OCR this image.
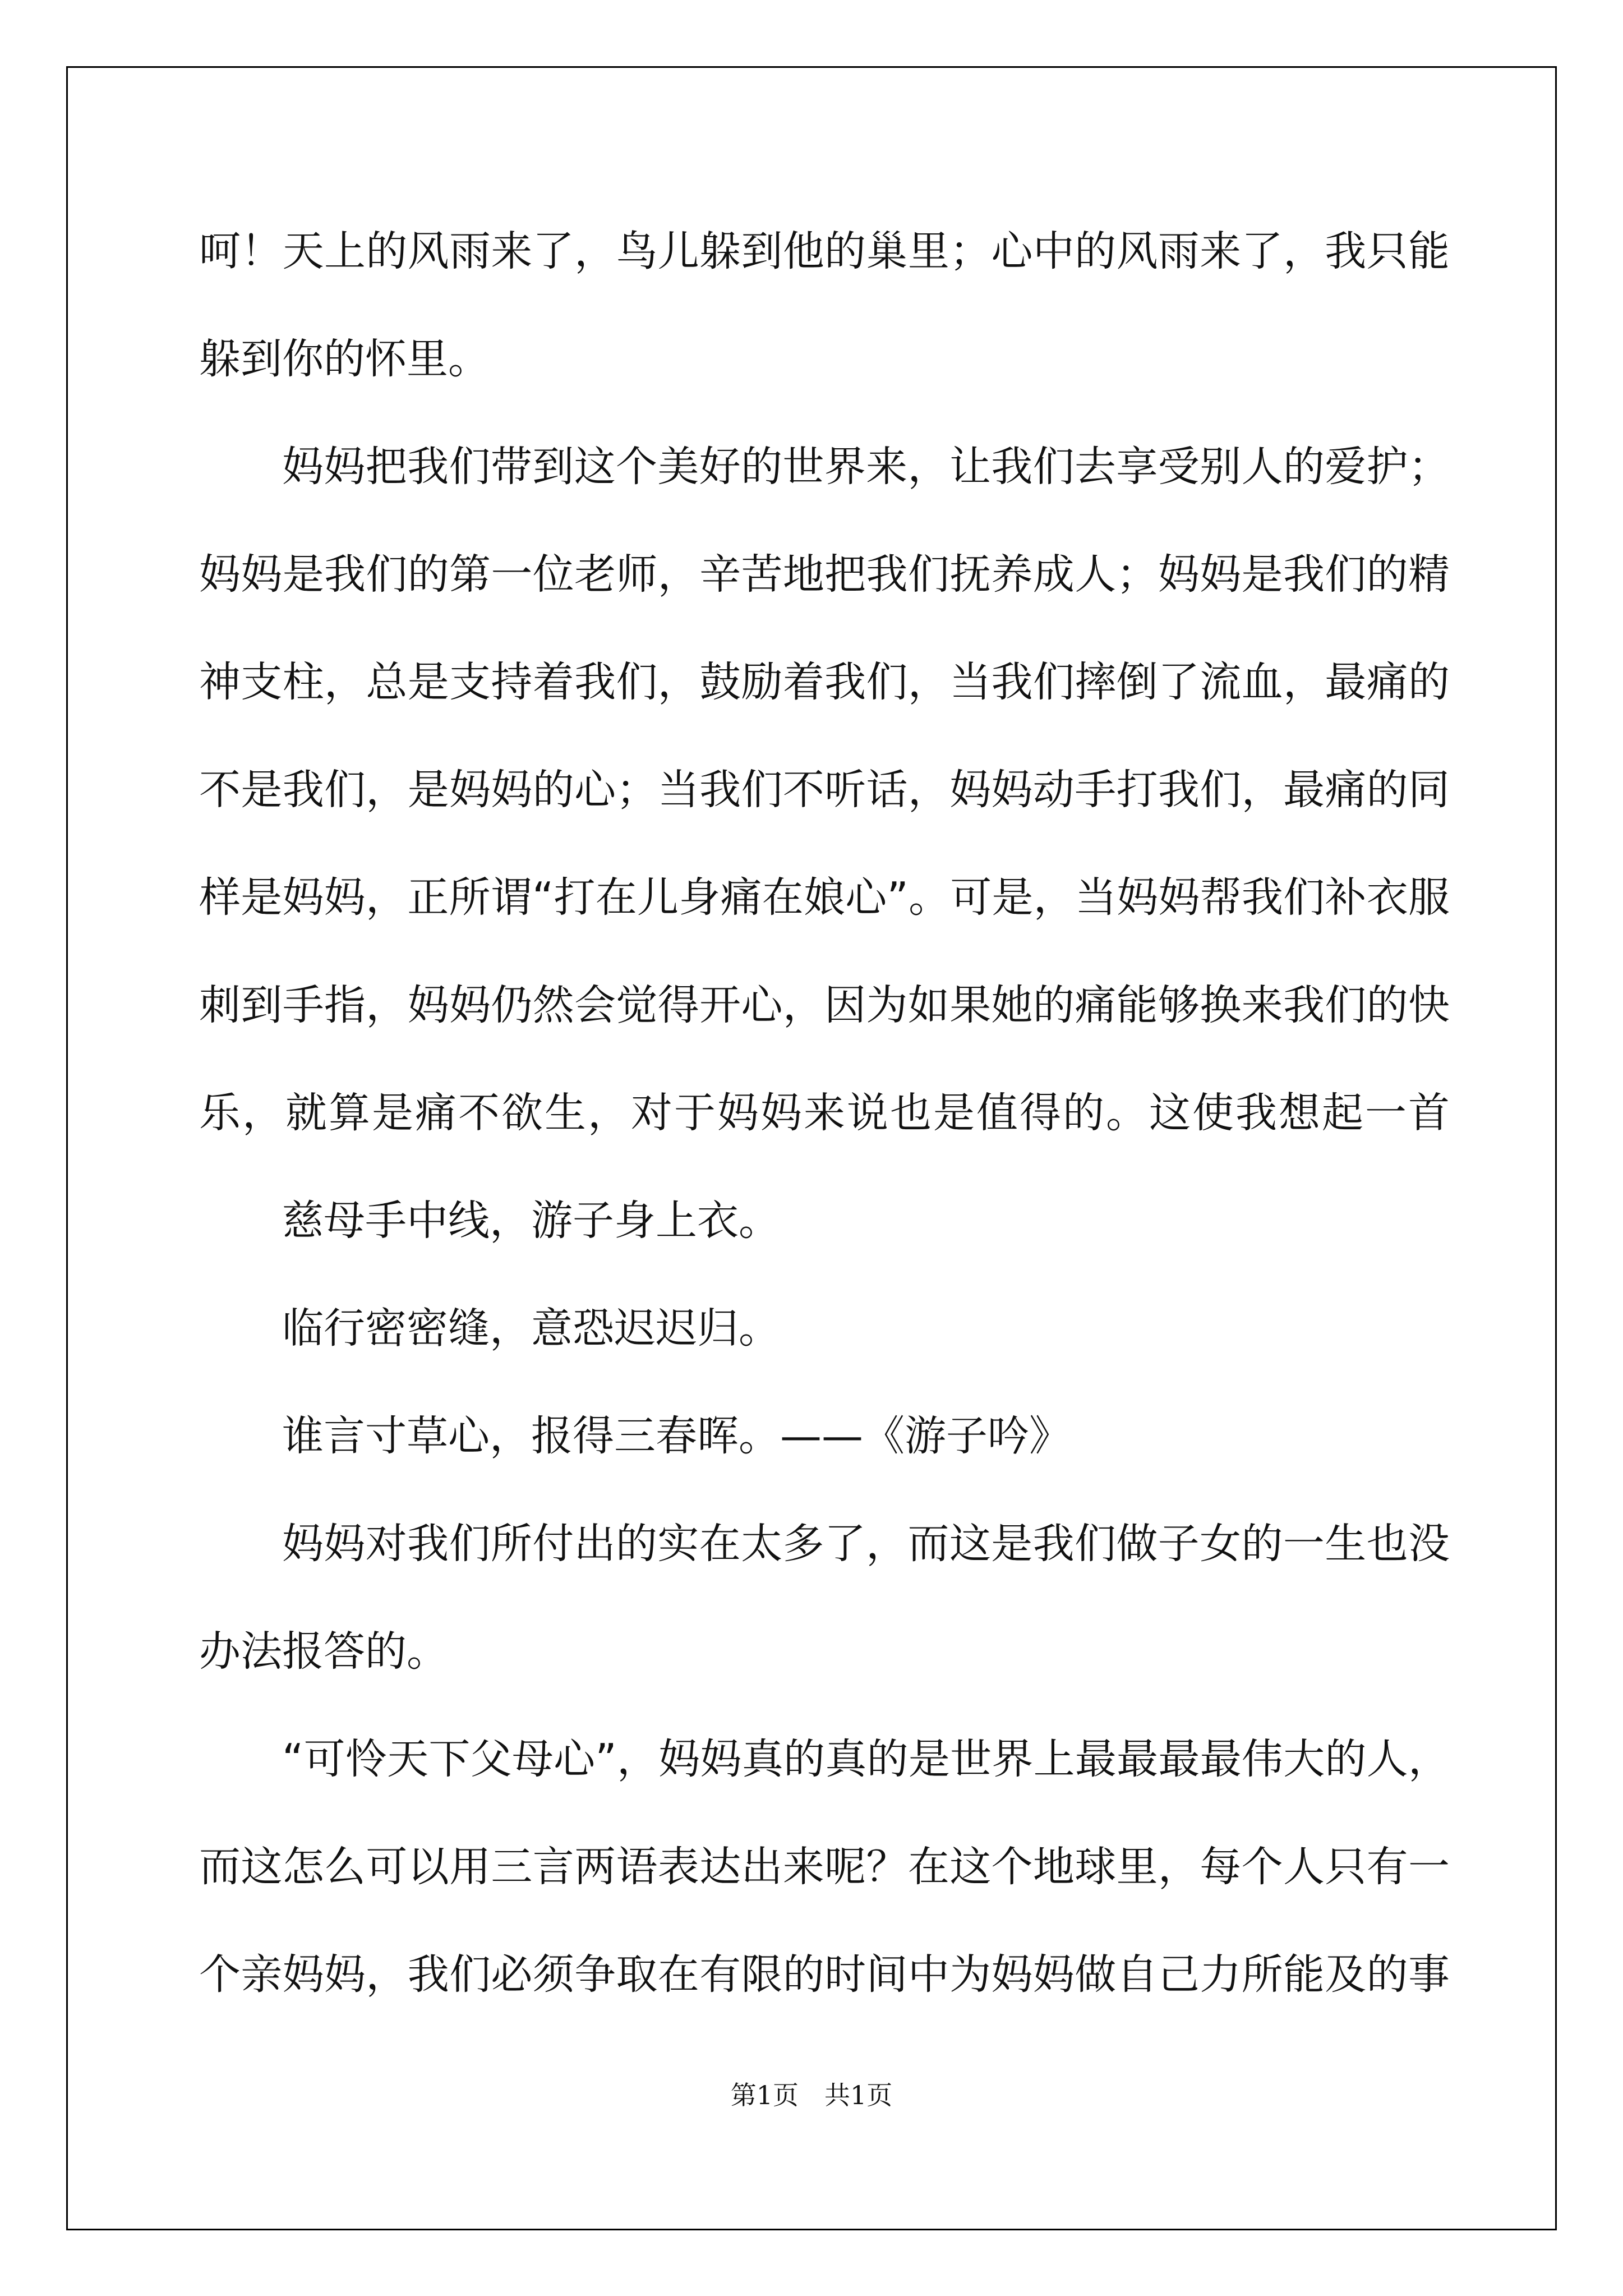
呵！天上的风雨来了，鸟儿躲到他的巢里；心中的风雨来了，我只能
躲到你的怀里。
妈妈把我们带到这个美好的世界来，让我们去享受别人的爱护；
妈妈是我们的第一位老师，辛苦地把我们抚养成人；妈妈是我们的精
神支柱，总是支持着我们，鼓励着我们，当我们摔倒了流血，最痛的
不是我们，是妈妈的心；当我们不听话，妈妈动手打我们，最痛的同
样是妈妈，正所谓“打在儿身痛在娘心”。可是，当妈妈帮我们补衣服
刺到手指，妈妈仍然会觉得开心，因为如果她的痛能够换来我们的快
乐，就算是痛不欲生，对于妈妈来说也是值得的。这使我想起一首
慈母手中线，游子身上衣。
临行密密缝，意恐迟迟归。
谁言寸草心，报得三春晖。——《游子吟》
妈妈对我们所付出的实在太多了，而这是我们做子女的一生也没
办法报答的。
“可怜天下父母心”，妈妈真的真的是世界上最最最最伟大的人，
而这怎么可以用三言两语表达出来呢？在这个地球里，每个人只有一
个亲妈妈，我们必须争取在有限的时间中为妈妈做自己力所能及的事
第1页　共1页
